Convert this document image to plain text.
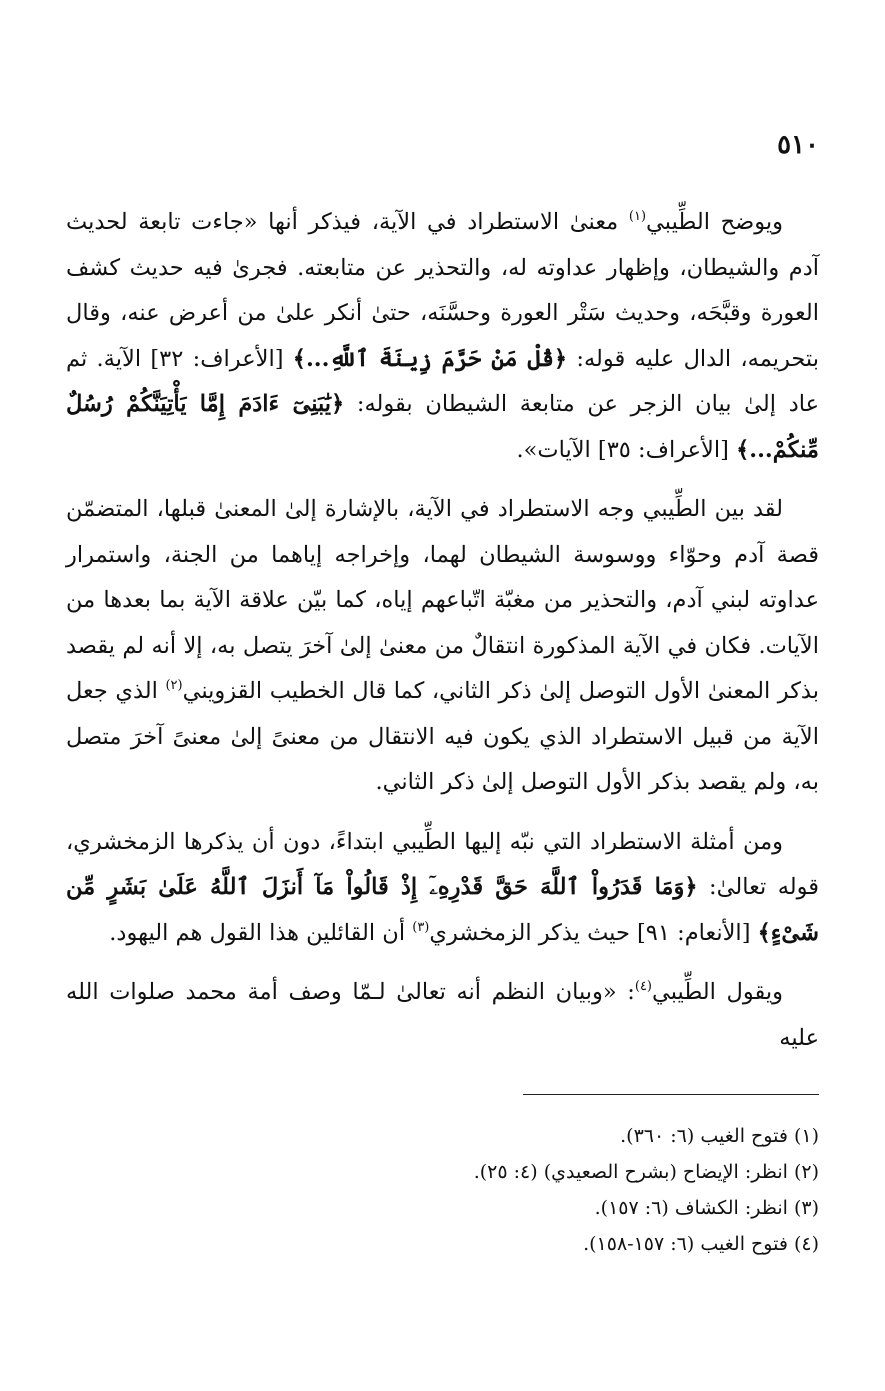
٥١٠

ويوضح الطِّيبي$^{(١)}$ معنىٰ الاستطراد في الآية، فيذكر أنها «جاءت تابعة لحديث آدم والشيطان، وإظهار عداوته له، والتحذير عن متابعته. فجرىٰ فيه حديث كشف العورة وقبَّحَه، وحديث سَتْر العورة وحسَّنَه، حتىٰ أنكر علىٰ من أعرض عنه، وقال بتحريمه، الدال عليه قوله: ﴿قُلْ مَنْ حَرَّمَ زِينَةَ ٱللَّهِ...﴾ [الأعراف: ٣٢] الآية. ثم عاد إلىٰ بيان الزجر عن متابعة الشيطان بقوله: ﴿يَٰبَنِىٓ ءَادَمَ إِمَّا يَأْتِيَنَّكُمْ رُسُلٌ مِّنكُمْ...﴾ [الأعراف: ٣٥] الآيات».

لقد بين الطِّيبي وجه الاستطراد في الآية، بالإشارة إلىٰ المعنىٰ قبلها، المتضمّن قصة آدم وحوّاء ووسوسة الشيطان لهما، وإخراجه إياهما من الجنة، واستمرار عداوته لبني آدم، والتحذير من مغبّة اتّباعهم إياه، كما بيّن علاقة الآية بما بعدها من الآيات. فكان في الآية المذكورة انتقالٌ من معنىٰ إلىٰ آخرَ يتصل به، إلا أنه لم يقصد بذكر المعنىٰ الأول التوصل إلىٰ ذكر الثاني، كما قال الخطيب القزويني$^{(٢)}$ الذي جعل الآية من قبيل الاستطراد الذي يكون فيه الانتقال من معنىً إلىٰ معنىً آخرَ متصل به، ولم يقصد بذكر الأول التوصل إلىٰ ذكر الثاني.

ومن أمثلة الاستطراد التي نبّه إليها الطِّيبي ابتداءً، دون أن يذكرها الزمخشري، قوله تعالىٰ: ﴿وَمَا قَدَرُواْ ٱللَّهَ حَقَّ قَدْرِهِۦٓ إِذْ قَالُواْ مَآ أَنزَلَ ٱللَّهُ عَلَىٰ بَشَرٍ مِّن شَىْءٍ﴾ [الأنعام: ٩١] حيث يذكر الزمخشري$^{(٣)}$ أن القائلين هذا القول هم اليهود.

ويقول الطِّيبي$^{(٤)}$: «وبيان النظم أنه تعالىٰ لـمّا وصف أمة محمد صلوات الله عليه

(١) فتوح الغيب (٦: ٣٦٠).
(٢) انظر: الإيضاح (بشرح الصعيدي) (٤: ٢٥).
(٣) انظر: الكشاف (٦: ١٥٧).
(٤) فتوح الغيب (٦: ١٥٧-١٥٨).
